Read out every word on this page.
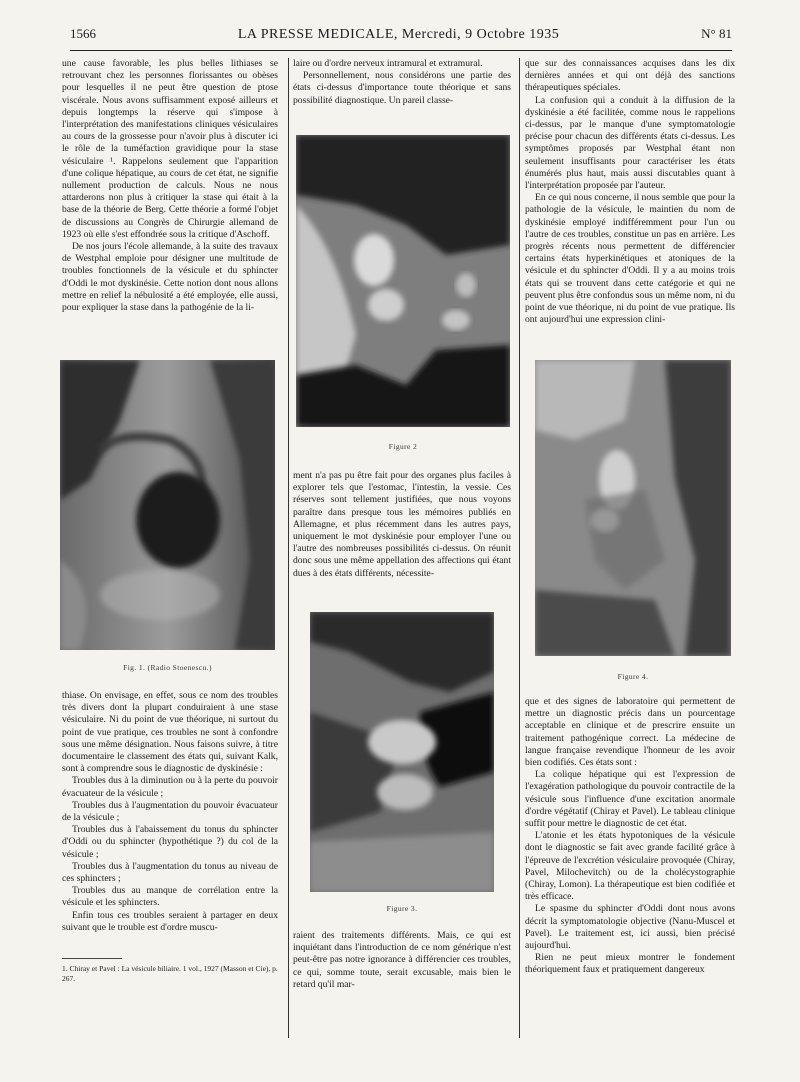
1566	LA PRESSE MEDICALE, Mercredi, 9 Octobre 1935	N° 81

une cause favorable, les plus belles lithiases se retrouvant chez les personnes florissantes ou obèses pour lesquelles il ne peut être question de ptose viscérale. Nous avons suffisamment exposé ailleurs et depuis longtemps la réserve qui s'impose à l'interprétation des manifestations cliniques vésiculaires au cours de la grossesse pour n'avoir plus à discuter ici le rôle de la tuméfaction gravidique pour la stase vésiculaire ¹. Rappelons seulement que l'apparition d'une colique hépatique, au cours de cet état, ne signifie nullement production de calculs. Nous ne nous attarderons non plus à critiquer la stase qui était à la base de la théorie de Berg. Cette théorie a formé l'objet de discussions au Congrès de Chirurgie allemand de 1923 où elle s'est effondrée sous la critique d'Aschoff.

De nos jours l'école allemande, à la suite des travaux de Westphal emploie pour désigner une multitude de troubles fonctionnels de la vésicule et du sphincter d'Oddi le mot dyskinésie. Cette notion dont nous allons mettre en relief la nébulosité a été employée, elle aussi, pour expliquer la stase dans la pathogénie de la li-

Fig. 1. (Radio Stoenescu.)

thiase. On envisage, en effet, sous ce nom des troubles très divers dont la plupart conduiraient à une stase vésiculaire. Ni du point de vue théorique, ni surtout du point de vue pratique, ces troubles ne sont à confondre sous une même désignation. Nous faisons suivre, à titre documentaire le classement des états qui, suivant Kalk, sont à comprendre sous le diagnostic de dyskinésie :

Troubles dus à la diminution ou à la perte du pouvoir évacuateur de la vésicule ;

Troubles dus à l'augmentation du pouvoir évacuateur de la vésicule ;

Troubles dus à l'abaissement du tonus du sphincter d'Oddi ou du sphincter (hypothétique ?) du col de la vésicule ;

Troubles dus à l'augmentation du tonus au niveau de ces sphincters ;

Troubles dus au manque de corrélation entre la vésicule et les sphincters.

Enfin tous ces troubles seraient à partager en deux suivant que le trouble est d'ordre muscu-

1. Chiray et Pavel : La vésicule biliaire. 1 vol., 1927 (Masson et Cie), p. 267.

laire ou d'ordre nerveux intramural et extramural.

Personnellement, nous considérons une partie des états ci-dessus d'importance toute théorique et sans possibilité diagnostique. Un pareil classe-

Figure 2

ment n'a pas pu être fait pour des organes plus faciles à explorer tels que l'estomac, l'intestin, la vessie. Ces réserves sont tellement justifiées, que nous voyons paraître dans presque tous les mémoires publiés en Allemagne, et plus récemment dans les autres pays, uniquement le mot dyskinésie pour employer l'une ou l'autre des nombreuses possibilités ci-dessus. On réunit donc sous une même appellation des affections qui étant dues à des états différents, nécessite-

Figure 3.

raient des traitements différents. Mais, ce qui est inquiétant dans l'introduction de ce nom générique n'est peut-être pas notre ignorance à différencier ces troubles, ce qui, somme toute, serait excusable, mais bien le retard qu'il mar-

que sur des connaissances acquises dans les dix dernières années et qui ont déjà des sanctions thérapeutiques spéciales.

La confusion qui a conduit à la diffusion de la dyskinésie a été facilitée, comme nous le rappelions ci-dessus, par le manque d'une symptomatologie précise pour chacun des différents états ci-dessus. Les symptômes proposés par Westphal étant non seulement insuffisants pour caractériser les états énumérés plus haut, mais aussi discutables quant à l'interprétation proposée par l'auteur.

En ce qui nous concerne, il nous semble que pour la pathologie de la vésicule, le maintien du nom de dyskinésie employé indifféremment pour l'un ou l'autre de ces troubles, constitue un pas en arrière. Les progrès récents nous permettent de différencier certains états hyperkinétiques et atoniques de la vésicule et du sphincter d'Oddi. Il y a au moins trois états qui se trouvent dans cette catégorie et qui ne peuvent plus être confondus sous un même nom, ni du point de vue théorique, ni du point de vue pratique. Ils ont aujourd'hui une expression clini-

Figure 4.

que et des signes de laboratoire qui permettent de mettre un diagnostic précis dans un pourcentage acceptable en clinique et de prescrire ensuite un traitement pathogénique correct. La médecine de langue française revendique l'honneur de les avoir bien codifiés. Ces états sont :

La colique hépatique qui est l'expression de l'exagération pathologique du pouvoir contractile de la vésicule sous l'influence d'une excitation anormale d'ordre végétatif (Chiray et Pavel). Le tableau clinique suffit pour mettre le diagnostic de cet état.

L'atonie et les états hypotoniques de la vésicule dont le diagnostic se fait avec grande facilité grâce à l'épreuve de l'excrétion vésiculaire provoquée (Chiray, Pavel, Milochevitch) ou de la cholécystographie (Chiray, Lomon). La thérapeutique est bien codifiée et très efficace.

Le spasme du sphincter d'Oddi dont nous avons décrit la symptomatologie objective (Nanu-Muscel et Pavel). Le traitement est, ici aussi, bien précisé aujourd'hui.

Rien ne peut mieux montrer le fondement théoriquement faux et pratiquement dangereux
